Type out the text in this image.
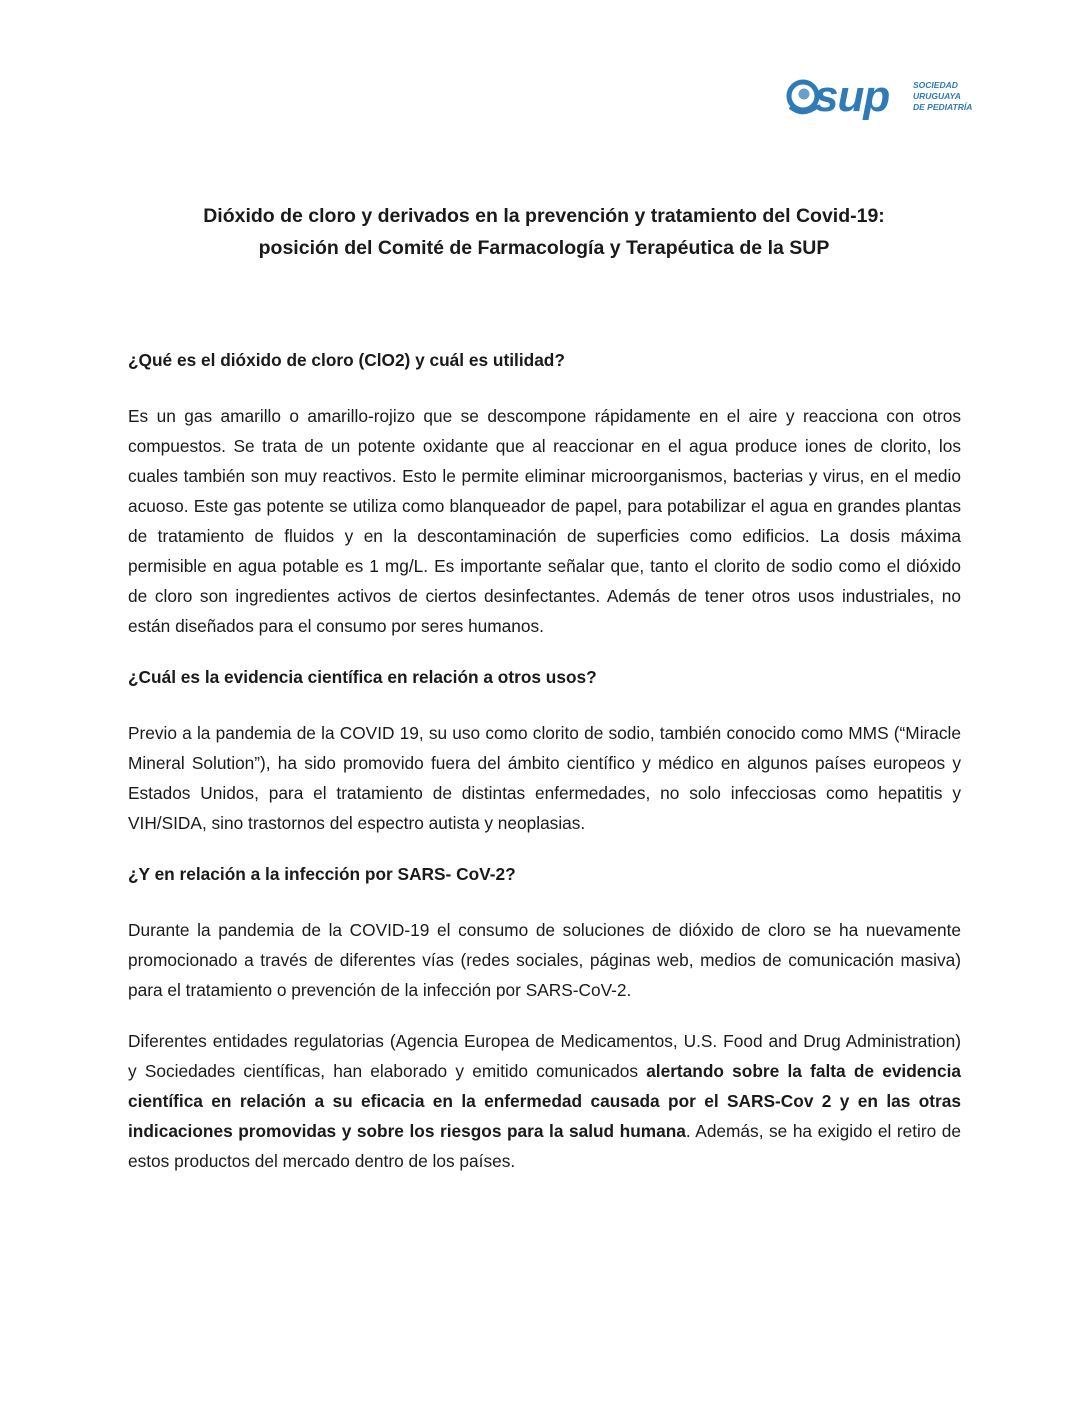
sup	SOCIEDAD
URUGUAYA
DE PEDIATRÍA
Dióxido de cloro y derivados en la prevención y tratamiento del Covid-19:
posición del Comité de Farmacología y Terapéutica de la SUP

¿Qué es el dióxido de cloro (ClO2) y cuál es utilidad?

Es un gas amarillo o amarillo-rojizo que se descompone rápidamente en el aire y reacciona con otros compuestos. Se trata de un potente oxidante que al reaccionar en el agua produce iones de clorito, los cuales también son muy reactivos. Esto le permite eliminar microorganismos, bacterias y virus, en el medio acuoso. Este gas potente se utiliza como blanqueador de papel, para potabilizar el agua en grandes plantas de tratamiento de fluidos y en la descontaminación de superficies como edificios. La dosis máxima permisible en agua potable es 1 mg/L. Es importante señalar que, tanto el clorito de sodio como el dióxido de cloro son ingredientes activos de ciertos desinfectantes. Además de tener otros usos industriales, no están diseñados para el consumo por seres humanos.

¿Cuál es la evidencia científica en relación a otros usos?

Previo a la pandemia de la COVID 19, su uso como clorito de sodio, también conocido como MMS (“Miracle Mineral Solution”), ha sido promovido fuera del ámbito científico y médico en algunos países europeos y Estados Unidos, para el tratamiento de distintas enfermedades, no solo infecciosas como hepatitis y VIH/SIDA, sino trastornos del espectro autista y neoplasias.

¿Y en relación a la infección por SARS- CoV-2?

Durante la pandemia de la COVID-19 el consumo de soluciones de dióxido de cloro se ha nuevamente promocionado a través de diferentes vías (redes sociales, páginas web, medios de comunicación masiva) para el tratamiento o prevención de la infección por SARS-CoV-2.

Diferentes entidades regulatorias (Agencia Europea de Medicamentos, U.S. Food and Drug Administration) y Sociedades científicas, han elaborado y emitido comunicados alertando sobre la falta de evidencia científica en relación a su eficacia en la enfermedad causada por el SARS-Cov 2 y en las otras indicaciones promovidas y sobre los riesgos para la salud humana. Además, se ha exigido el retiro de estos productos del mercado dentro de los países.
